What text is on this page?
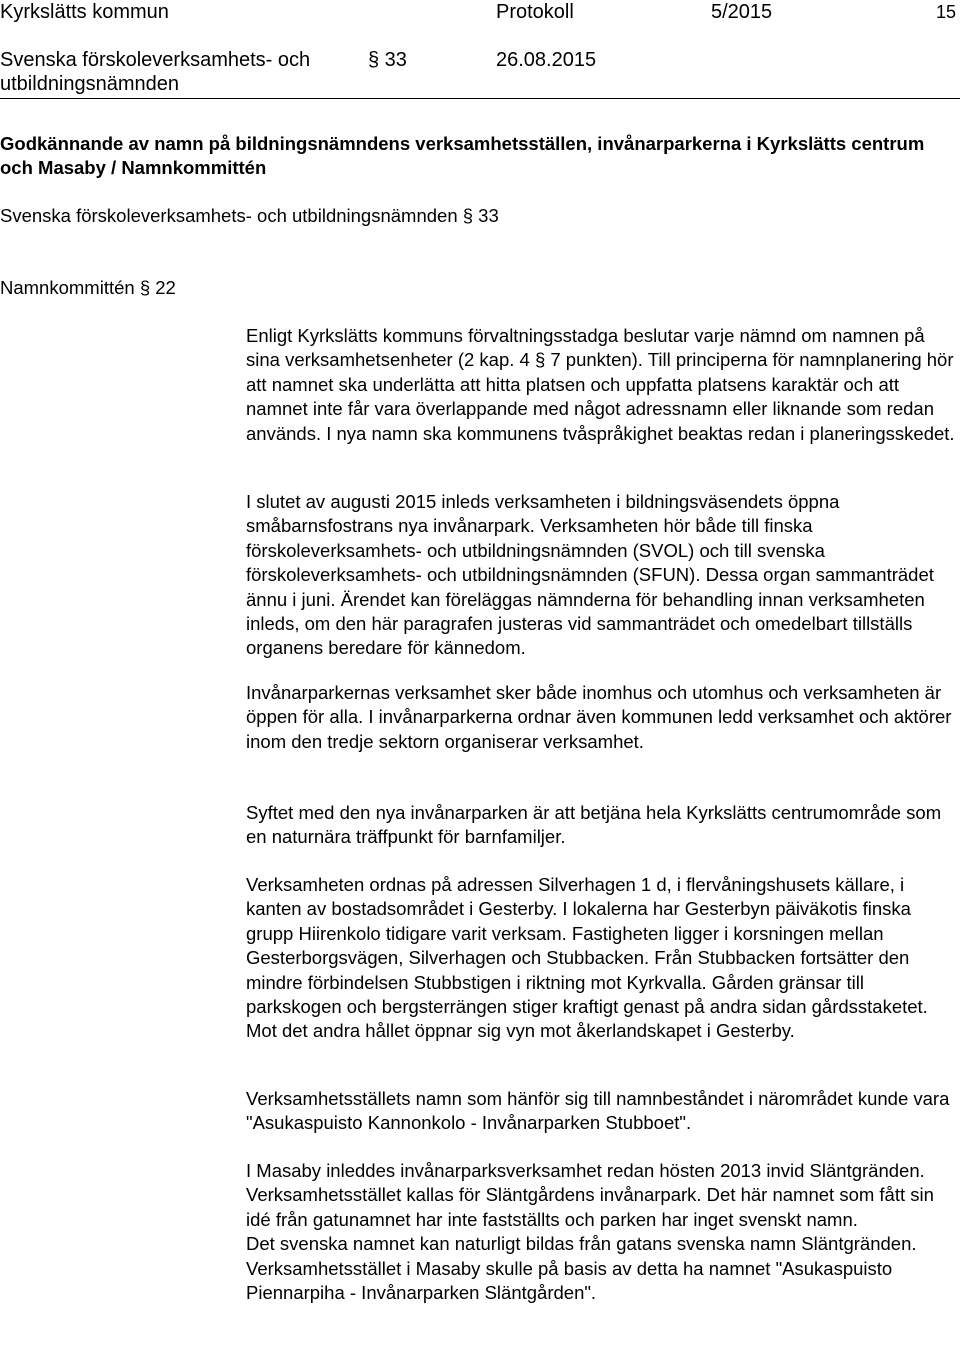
Kyrkslätts kommun	Protokoll	5/2015	15
Svenska förskoleverksamhets- och
utbildningsnämnden
§ 33	26.08.2015
Godkännande av namn på bildningsnämndens verksamhetsställen, invånarparkerna i Kyrkslätts centrum och Masaby / Namnkommittén
Svenska förskoleverksamhets- och utbildningsnämnden § 33
Namnkommittén § 22

Enligt Kyrkslätts kommuns förvaltningsstadga beslutar varje nämnd om namnen på sina verksamhetsenheter (2 kap. 4 § 7 punkten). Till principerna för namnplanering hör att namnet ska underlätta att hitta platsen och uppfatta platsens karaktär och att namnet inte får vara överlappande med något adressnamn eller liknande som redan används. I nya namn ska kommunens tvåspråkighet beaktas redan i planeringsskedet.

I slutet av augusti 2015 inleds verksamheten i bildningsväsendets öppna småbarnsfostrans nya invånarpark. Verksamheten hör både till finska förskoleverksamhets- och utbildningsnämnden (SVOL) och till svenska förskoleverksamhets- och utbildningsnämnden (SFUN). Dessa organ sammanträdet ännu i juni. Ärendet kan föreläggas nämnderna för behandling innan verksamheten inleds, om den här paragrafen justeras vid sammanträdet och omedelbart tillställs organens beredare för kännedom.

Invånarparkernas verksamhet sker både inomhus och utomhus och verksamheten är öppen för alla. I invånarparkerna ordnar även kommunen ledd verksamhet och aktörer inom den tredje sektorn organiserar verksamhet.

Syftet med den nya invånarparken är att betjäna hela Kyrkslätts centrumområde som en naturnära träffpunkt för barnfamiljer.

Verksamheten ordnas på adressen Silverhagen 1 d, i flervåningshusets källare, i kanten av bostadsområdet i Gesterby. I lokalerna har Gesterbyn päiväkotis finska grupp Hiirenkolo tidigare varit verksam. Fastigheten ligger i korsningen mellan Gesterborgsvägen, Silverhagen och Stubbacken. Från Stubbacken fortsätter den mindre förbindelsen Stubbstigen i riktning mot Kyrkvalla. Gården gränsar till parkskogen och bergsterrängen stiger kraftigt genast på andra sidan gårdsstaketet. Mot det andra hållet öppnar sig vyn mot åkerlandskapet i Gesterby.

Verksamhetsställets namn som hänför sig till namnbeståndet i närområdet kunde vara "Asukaspuisto Kannonkolo - Invånarparken Stubboet".

I Masaby inleddes invånarparksverksamhet redan hösten 2013 invid Släntgränden. Verksamhetsstället kallas för Släntgårdens invånarpark. Det här namnet som fått sin idé från gatunamnet har inte fastställts och parken har inget svenskt namn.

Det svenska namnet kan naturligt bildas från gatans svenska namn Släntgränden.

Verksamhetsstället i Masaby skulle på basis av detta ha namnet "Asukaspuisto Piennarpiha - Invånarparken Släntgården".
